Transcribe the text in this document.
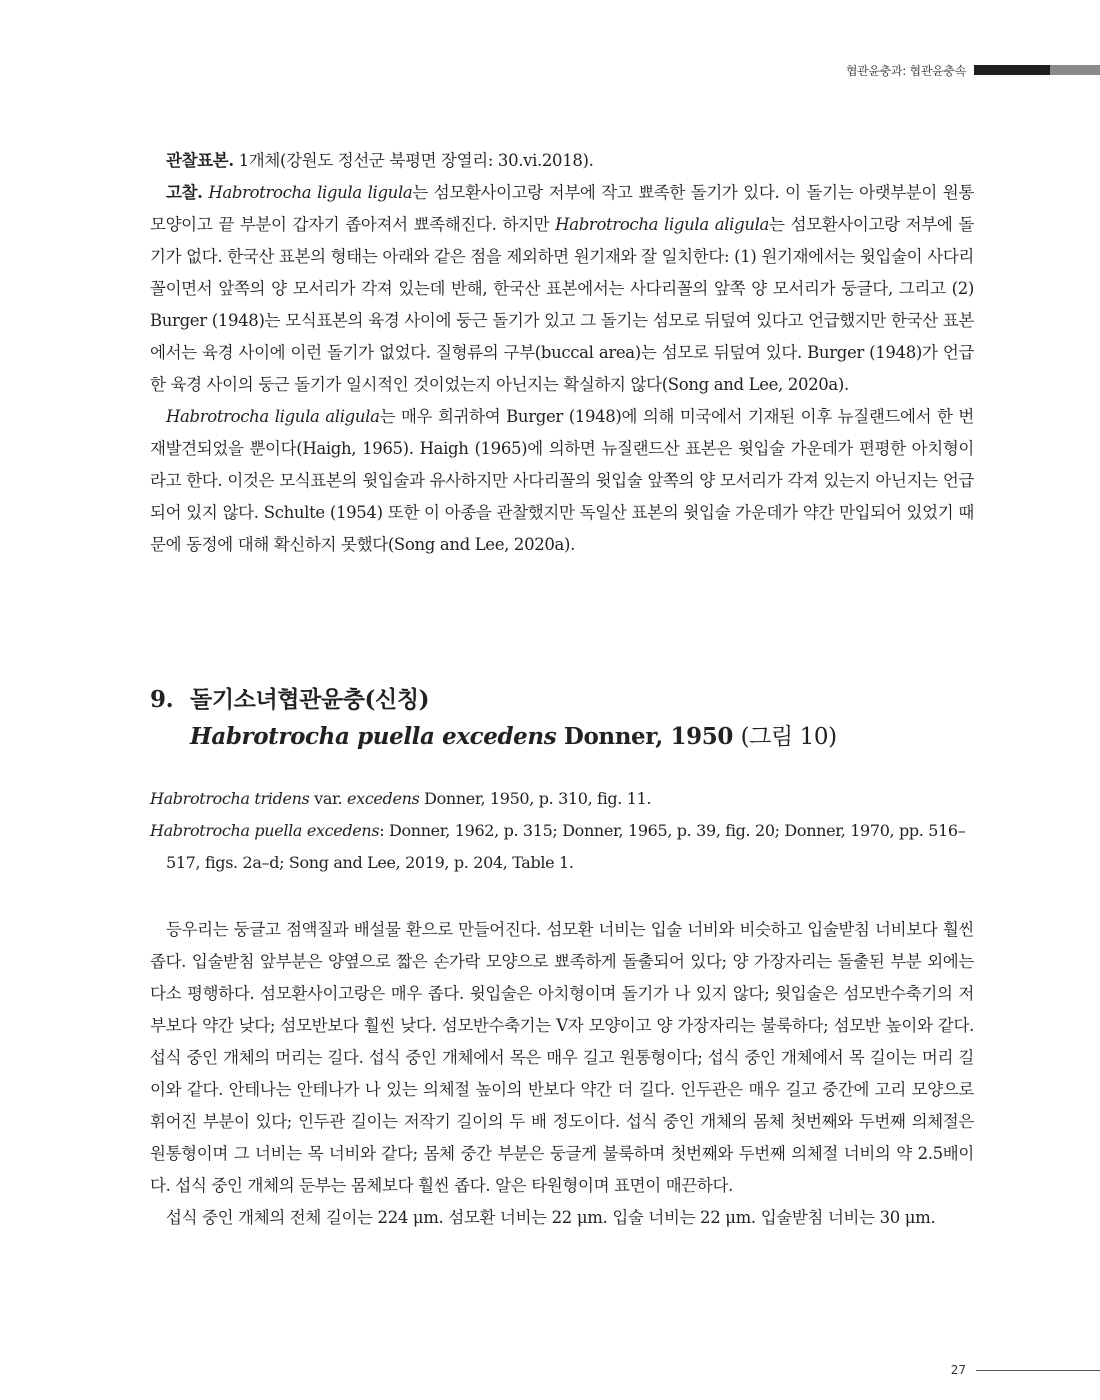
협관윤충과: 협관윤충속

관찰표본. 1개체(강원도 정선군 북평면 장열리: 30.vi.2018).

고찰. Habrotrocha ligula ligula는 섬모환사이고랑 저부에 작고 뾰족한 돌기가 있다. 이 돌기는 아랫부분이 원통 모양이고 끝 부분이 갑자기 좁아져서 뾰족해진다. 하지만 Habrotrocha ligula aligula는 섬모환사이고랑 저부에 돌기가 없다. 한국산 표본의 형태는 아래와 같은 점을 제외하면 원기재와 잘 일치한다: (1) 원기재에서는 윗입술이 사다리꼴이면서 앞쪽의 양 모서리가 각져 있는데 반해, 한국산 표본에서는 사다리꼴의 앞쪽 양 모서리가 둥글다, 그리고 (2) Burger (1948)는 모식표본의 육경 사이에 둥근 돌기가 있고 그 돌기는 섬모로 뒤덮여 있다고 언급했지만 한국산 표본에서는 육경 사이에 이런 돌기가 없었다. 질형류의 구부(buccal area)는 섬모로 뒤덮여 있다. Burger (1948)가 언급한 육경 사이의 둥근 돌기가 일시적인 것이었는지 아닌지는 확실하지 않다(Song and Lee, 2020a).

Habrotrocha ligula aligula는 매우 희귀하여 Burger (1948)에 의해 미국에서 기재된 이후 뉴질랜드에서 한 번 재발견되었을 뿐이다(Haigh, 1965). Haigh (1965)에 의하면 뉴질랜드산 표본은 윗입술 가운데가 편평한 아치형이라고 한다. 이것은 모식표본의 윗입술과 유사하지만 사다리꼴의 윗입술 앞쪽의 양 모서리가 각져 있는지 아닌지는 언급되어 있지 않다. Schulte (1954) 또한 이 아종을 관찰했지만 독일산 표본의 윗입술 가운데가 약간 만입되어 있었기 때문에 동정에 대해 확신하지 못했다(Song and Lee, 2020a).

9. 돌기소녀협관윤충(신칭)
Habrotrocha puella excedens Donner, 1950 (그림 10)

Habrotrocha tridens var. excedens Donner, 1950, p. 310, fig. 11.

Habrotrocha puella excedens: Donner, 1962, p. 315; Donner, 1965, p. 39, fig. 20; Donner, 1970, pp. 516–517, figs. 2a–d; Song and Lee, 2019, p. 204, Table 1.

등우리는 둥글고 점액질과 배설물 환으로 만들어진다. 섬모환 너비는 입술 너비와 비슷하고 입술받침 너비보다 훨씬 좁다. 입술받침 앞부분은 양옆으로 짧은 손가락 모양으로 뾰족하게 돌출되어 있다; 양 가장자리는 돌출된 부분 외에는 다소 평행하다. 섬모환사이고랑은 매우 좁다. 윗입술은 아치형이며 돌기가 나 있지 않다; 윗입술은 섬모반수축기의 저부보다 약간 낮다; 섬모반보다 훨씬 낮다. 섬모반수축기는 V자 모양이고 양 가장자리는 불룩하다; 섬모반 높이와 같다. 섭식 중인 개체의 머리는 길다. 섭식 중인 개체에서 목은 매우 길고 원통형이다; 섭식 중인 개체에서 목 길이는 머리 길이와 같다. 안테나는 안테나가 나 있는 의체절 높이의 반보다 약간 더 길다. 인두관은 매우 길고 중간에 고리 모양으로 휘어진 부분이 있다; 인두관 길이는 저작기 길이의 두 배 정도이다. 섭식 중인 개체의 몸체 첫번째와 두번째 의체절은 원통형이며 그 너비는 목 너비와 같다; 몸체 중간 부분은 둥글게 불룩하며 첫번째와 두번째 의체절 너비의 약 2.5배이다. 섭식 중인 개체의 둔부는 몸체보다 훨씬 좁다. 알은 타원형이며 표면이 매끈하다.

섭식 중인 개체의 전체 길이는 224 μm. 섬모환 너비는 22 μm. 입술 너비는 22 μm. 입술받침 너비는 30 μm.

27
